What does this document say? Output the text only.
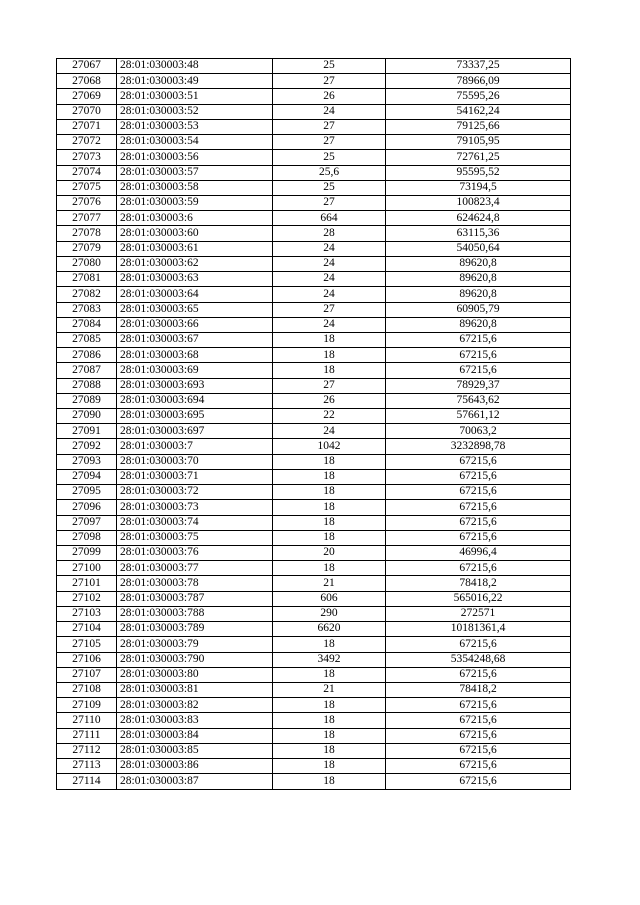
27067	28:01:030003:48	25	73337,25
27068	28:01:030003:49	27	78966,09
27069	28:01:030003:51	26	75595,26
27070	28:01:030003:52	24	54162,24
27071	28:01:030003:53	27	79125,66
27072	28:01:030003:54	27	79105,95
27073	28:01:030003:56	25	72761,25
27074	28:01:030003:57	25,6	95595,52
27075	28:01:030003:58	25	73194,5
27076	28:01:030003:59	27	100823,4
27077	28:01:030003:6	664	624624,8
27078	28:01:030003:60	28	63115,36
27079	28:01:030003:61	24	54050,64
27080	28:01:030003:62	24	89620,8
27081	28:01:030003:63	24	89620,8
27082	28:01:030003:64	24	89620,8
27083	28:01:030003:65	27	60905,79
27084	28:01:030003:66	24	89620,8
27085	28:01:030003:67	18	67215,6
27086	28:01:030003:68	18	67215,6
27087	28:01:030003:69	18	67215,6
27088	28:01:030003:693	27	78929,37
27089	28:01:030003:694	26	75643,62
27090	28:01:030003:695	22	57661,12
27091	28:01:030003:697	24	70063,2
27092	28:01:030003:7	1042	3232898,78
27093	28:01:030003:70	18	67215,6
27094	28:01:030003:71	18	67215,6
27095	28:01:030003:72	18	67215,6
27096	28:01:030003:73	18	67215,6
27097	28:01:030003:74	18	67215,6
27098	28:01:030003:75	18	67215,6
27099	28:01:030003:76	20	46996,4
27100	28:01:030003:77	18	67215,6
27101	28:01:030003:78	21	78418,2
27102	28:01:030003:787	606	565016,22
27103	28:01:030003:788	290	272571
27104	28:01:030003:789	6620	10181361,4
27105	28:01:030003:79	18	67215,6
27106	28:01:030003:790	3492	5354248,68
27107	28:01:030003:80	18	67215,6
27108	28:01:030003:81	21	78418,2
27109	28:01:030003:82	18	67215,6
27110	28:01:030003:83	18	67215,6
27111	28:01:030003:84	18	67215,6
27112	28:01:030003:85	18	67215,6
27113	28:01:030003:86	18	67215,6
27114	28:01:030003:87	18	67215,6
